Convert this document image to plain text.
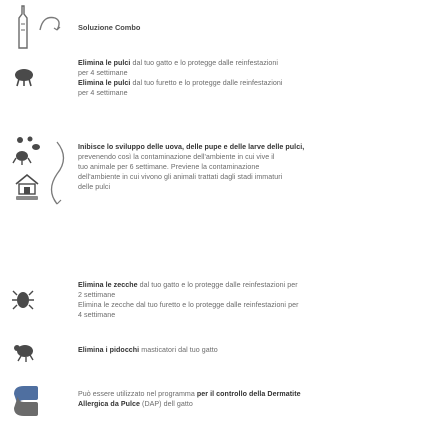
Soluzione Combo
Elimina le pulci dal tuo gatto e lo protegge dalle reinfestazioni
per 4 settimane
Elimina le pulci dal tuo furetto e lo protegge dalle reinfestazioni
per 4 settimane
Inibisce lo sviluppo delle uova, delle pupe e delle larve delle pulci,
prevenendo così la contaminazione dell'ambiente in cui vive il
tuo animale per 6 settimane. Previene la contaminazione
dell'ambiente in cui vivono gli animali trattati dagli stadi immaturi
delle pulci
Elimina le zecche dal tuo gatto e lo protegge dalle reinfestazioni per
2 settimane
Elimina le zecche dal tuo furetto e lo protegge dalle reinfestazioni per
4 settimane
Elimina i pidocchi masticatori dal tuo gatto
Può essere utilizzato nel programma per il controllo della Dermatite
Allergica da Pulce (DAP) dell gatto
